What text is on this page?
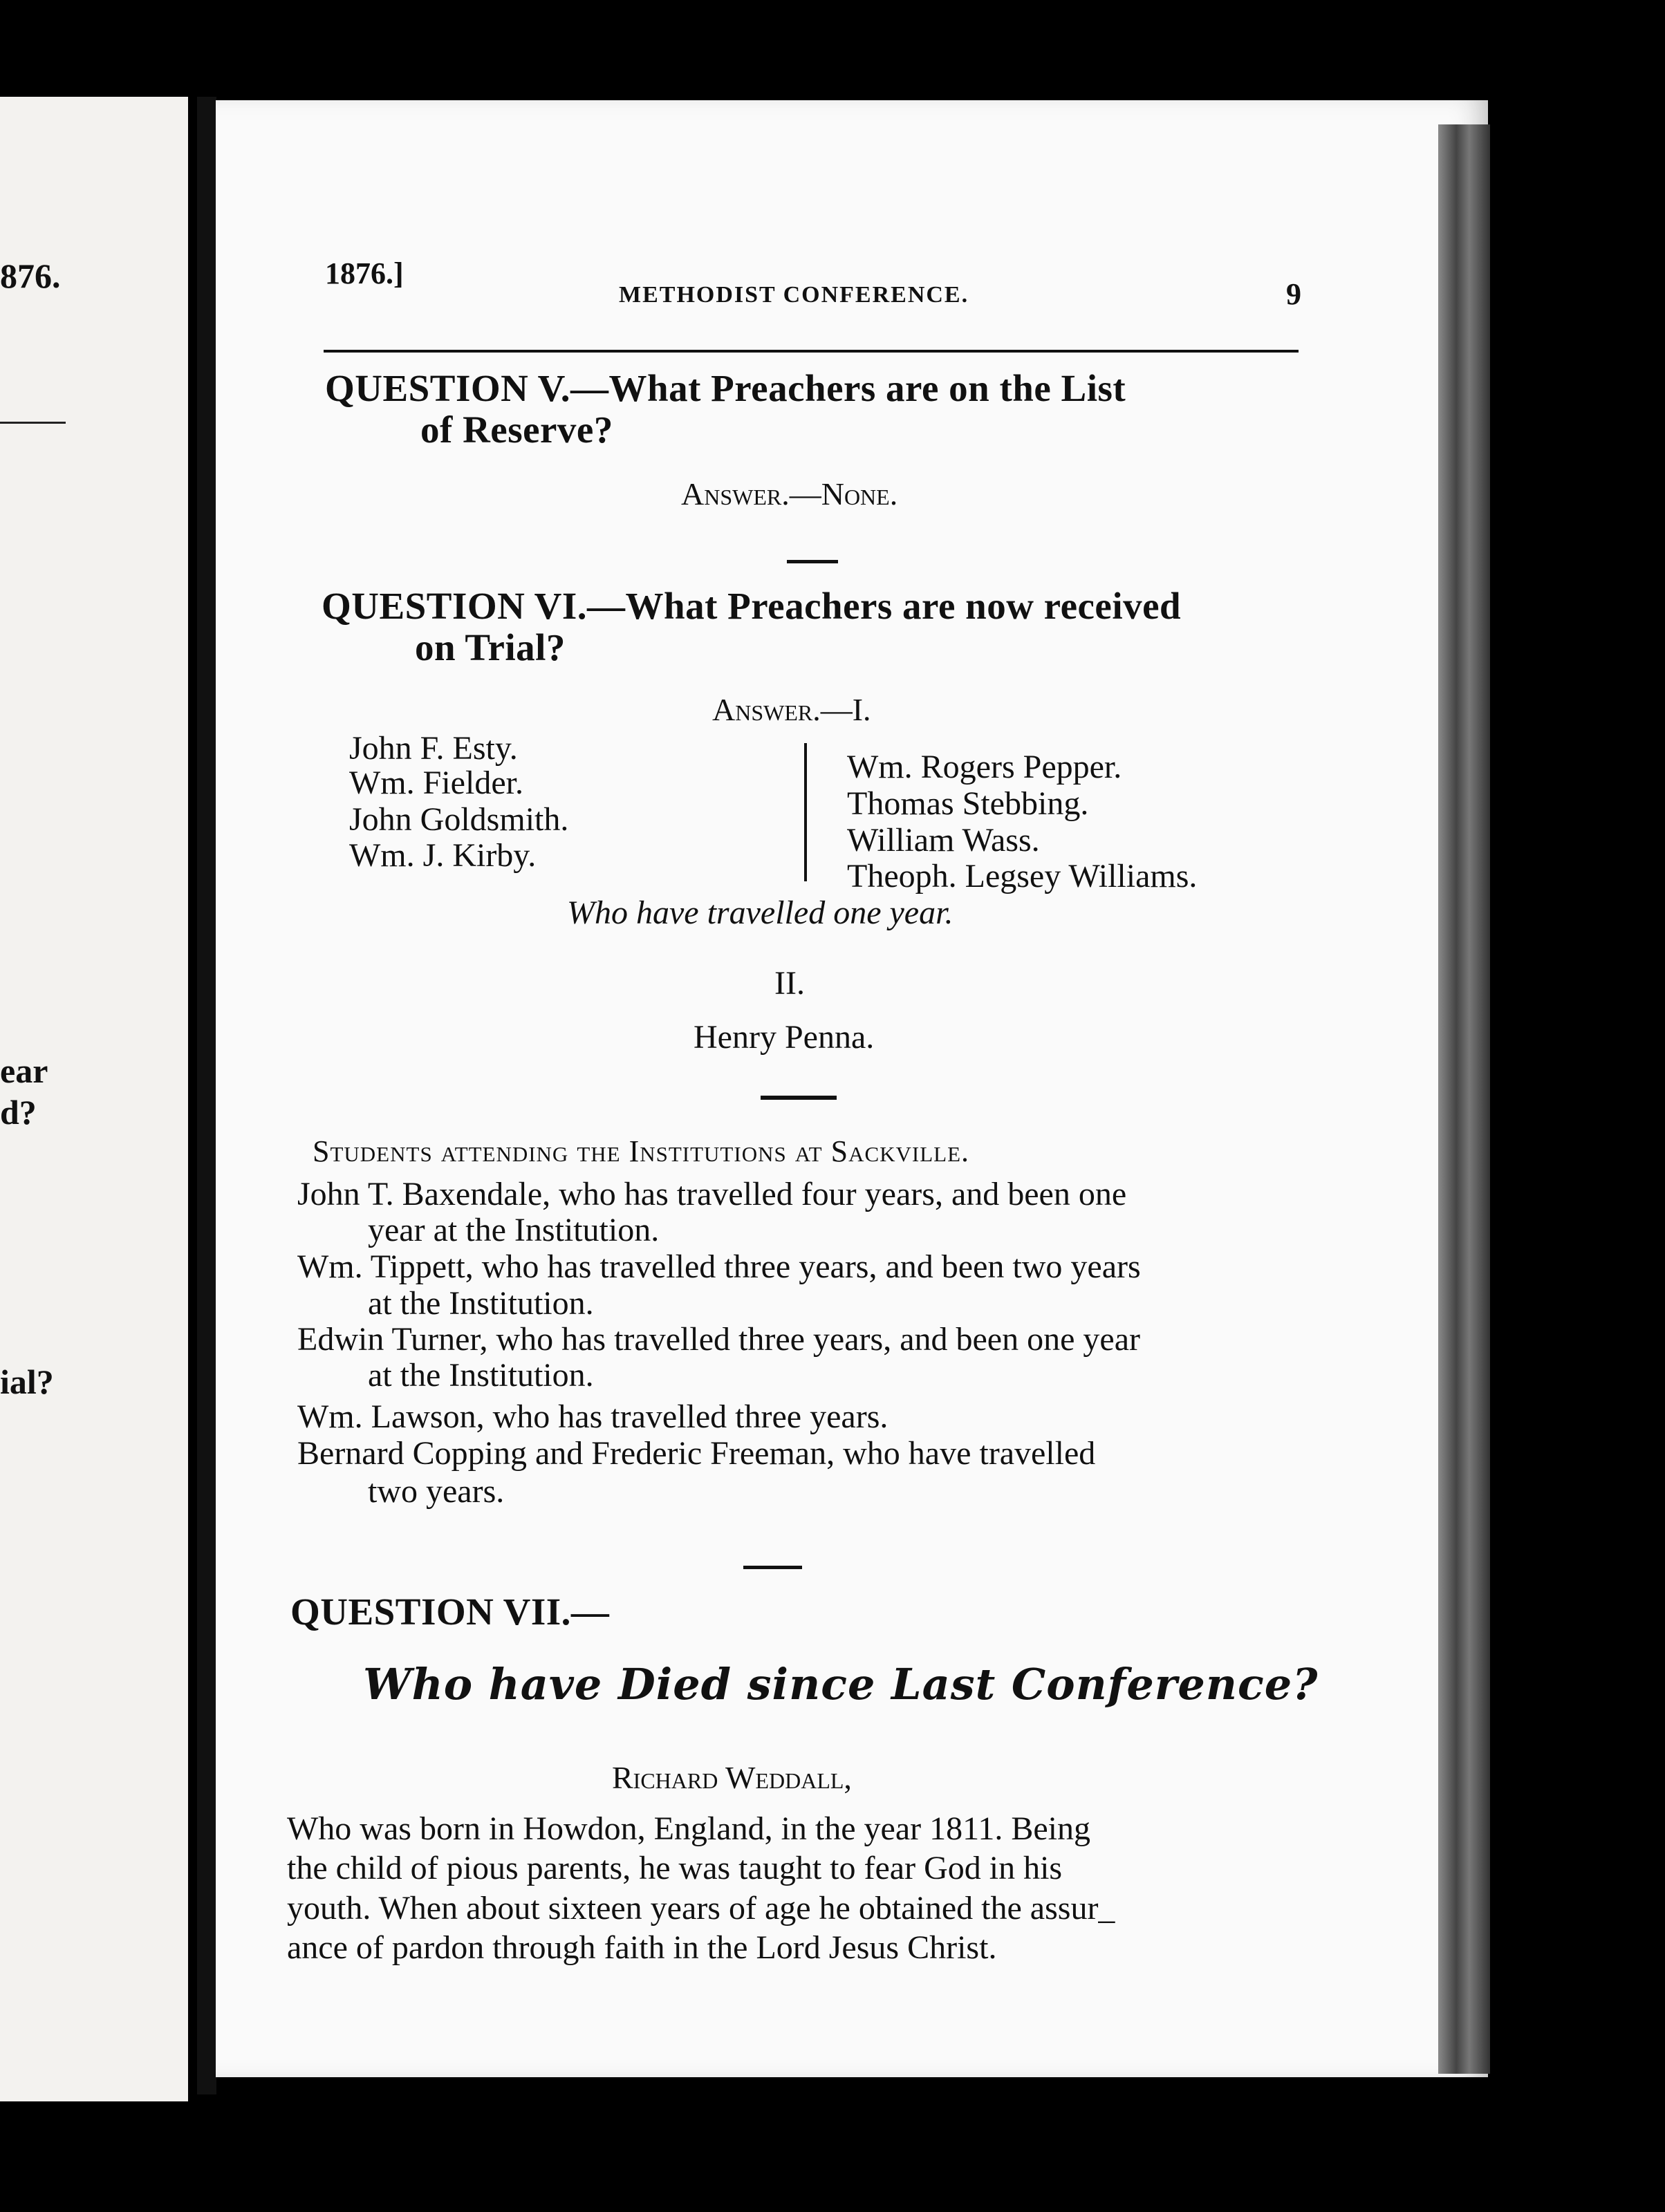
876.
ear
d?
ial?
1876.]
METHODIST CONFERENCE.	9
QUESTION V.—What Preachers are on the List
of Reserve?
Answer.—None.
QUESTION VI.—What Preachers are now received
on Trial?
Answer.—I.
John F. Esty.
Wm. Fielder.
John Goldsmith.
Wm. J. Kirby.
Wm. Rogers Pepper.
Thomas Stebbing.
William Wass.
Theoph. Legsey Williams.
Who have travelled one year.
II.
Henry Penna.
Students attending the Institutions at Sackville.
John T. Baxendale, who has travelled four years, and been one
year at the Institution.
Wm. Tippett, who has travelled three years, and been two years
at the Institution.
Edwin Turner, who has travelled three years, and been one year
at the Institution.
Wm. Lawson, who has travelled three years.
Bernard Copping and Frederic Freeman, who have travelled
two years.
QUESTION VII.—
Who have Died since Last Conference?
Richard Weddall,
Who was born in Howdon, England, in the year 1811. Being
the child of pious parents, he was taught to fear God in his
youth. When about sixteen years of age he obtained the assur_
ance of pardon through faith in the Lord Jesus Christ.
